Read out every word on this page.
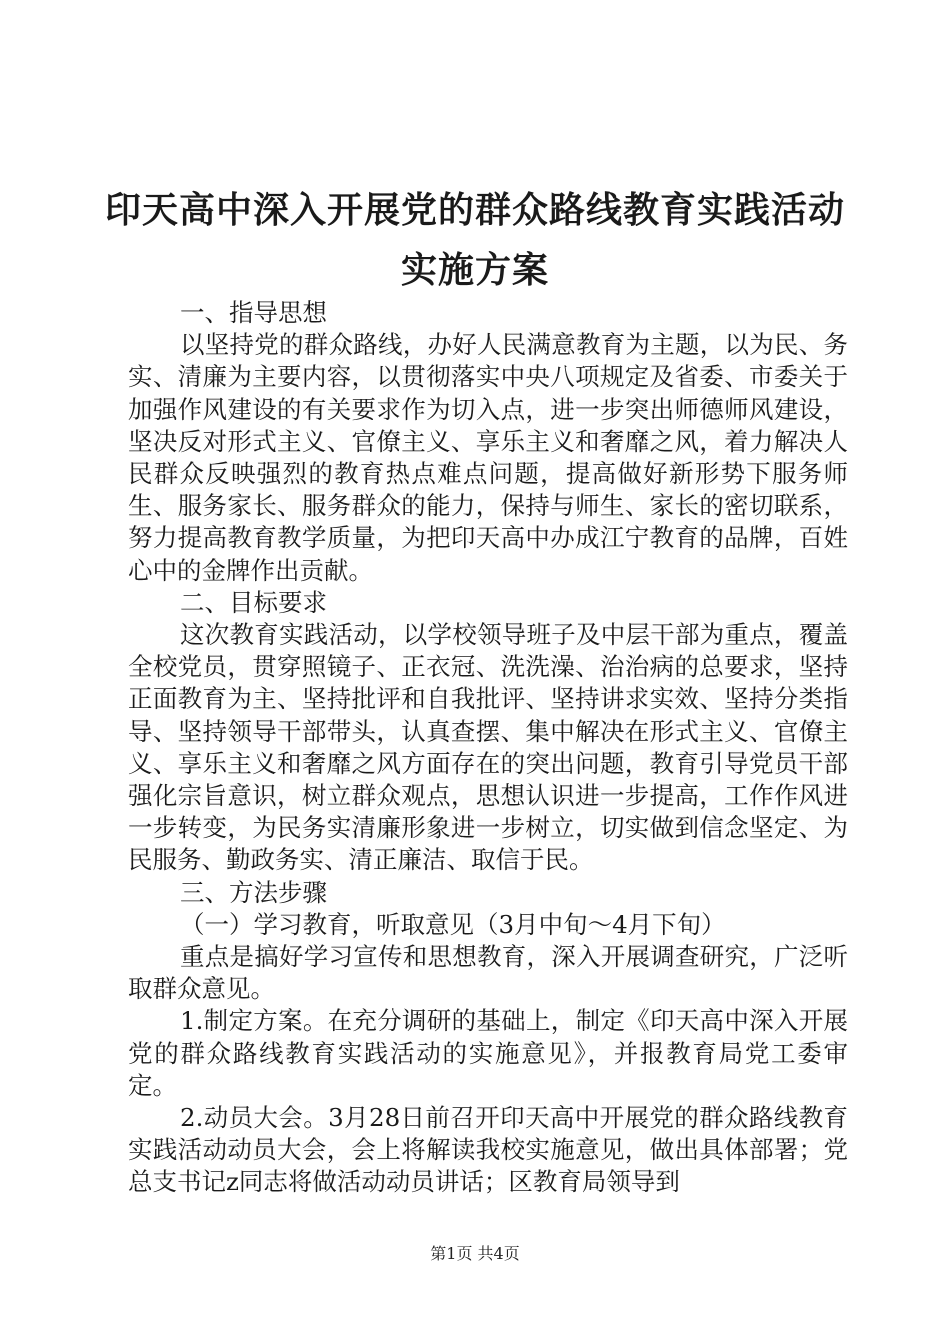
印天高中深入开展党的群众路线教育实践活动
实施方案

一、指导思想

以坚持党的群众路线，办好人民满意教育为主题，以为民、务实、清廉为主要内容，以贯彻落实中央八项规定及省委、市委关于加强作风建设的有关要求作为切入点，进一步突出师德师风建设，坚决反对形式主义、官僚主义、享乐主义和奢靡之风，着力解决人民群众反映强烈的教育热点难点问题，提高做好新形势下服务师生、服务家长、服务群众的能力，保持与师生、家长的密切联系，努力提高教育教学质量，为把印天高中办成江宁教育的品牌，百姓心中的金牌作出贡献。

二、目标要求

这次教育实践活动，以学校领导班子及中层干部为重点，覆盖全校党员，贯穿照镜子、正衣冠、洗洗澡、治治病的总要求，坚持正面教育为主、坚持批评和自我批评、坚持讲求实效、坚持分类指导、坚持领导干部带头，认真查摆、集中解决在形式主义、官僚主义、享乐主义和奢靡之风方面存在的突出问题，教育引导党员干部强化宗旨意识，树立群众观点，思想认识进一步提高，工作作风进一步转变，为民务实清廉形象进一步树立，切实做到信念坚定、为民服务、勤政务实、清正廉洁、取信于民。

三、方法步骤

（一）学习教育，听取意见（3月中旬～4月下旬）

重点是搞好学习宣传和思想教育，深入开展调查研究，广泛听取群众意见。

1.制定方案。在充分调研的基础上，制定《印天高中深入开展党的群众路线教育实践活动的实施意见》，并报教育局党工委审定。

2.动员大会。3月28日前召开印天高中开展党的群众路线教育实践活动动员大会，会上将解读我校实施意见，做出具体部署；党总支书记z同志将做活动动员讲话；区教育局领导到

第1页 共4页
